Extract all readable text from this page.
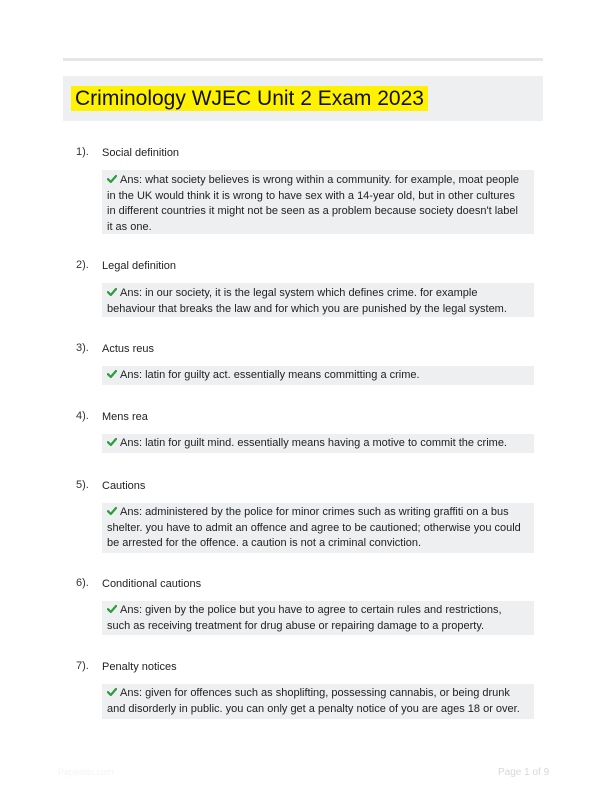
Criminology WJEC Unit 2 Exam 2023
1). Social definition
Ans: what society believes is wrong within a community. for example, moat people in the UK would think it is wrong to have sex with a 14-year old, but in other cultures in different countries it might not be seen as a problem because society doesn't label it as one.
2). Legal definition
Ans: in our society, it is the legal system which defines crime. for example behaviour that breaks the law and for which you are punished by the legal system.
3). Actus reus
Ans: latin for guilty act. essentially means committing a crime.
4). Mens rea
Ans: latin for guilt mind. essentially means having a motive to commit the crime.
5). Cautions
Ans: administered by the police for minor crimes such as writing graffiti on a bus shelter. you have to admit an offence and agree to be cautioned; otherwise you could be arrested for the offence. a caution is not a criminal conviction.
6). Conditional cautions
Ans: given by the police but you have to agree to certain rules and restrictions, such as receiving treatment for drug abuse or repairing damage to a property.
7). Penalty notices
Ans: given for offences such as shoplifting, possessing cannabis, or being drunk and disorderly in public. you can only get a penalty notice of you are ages 18 or over.
Paperbin.com	Page 1 of 9
